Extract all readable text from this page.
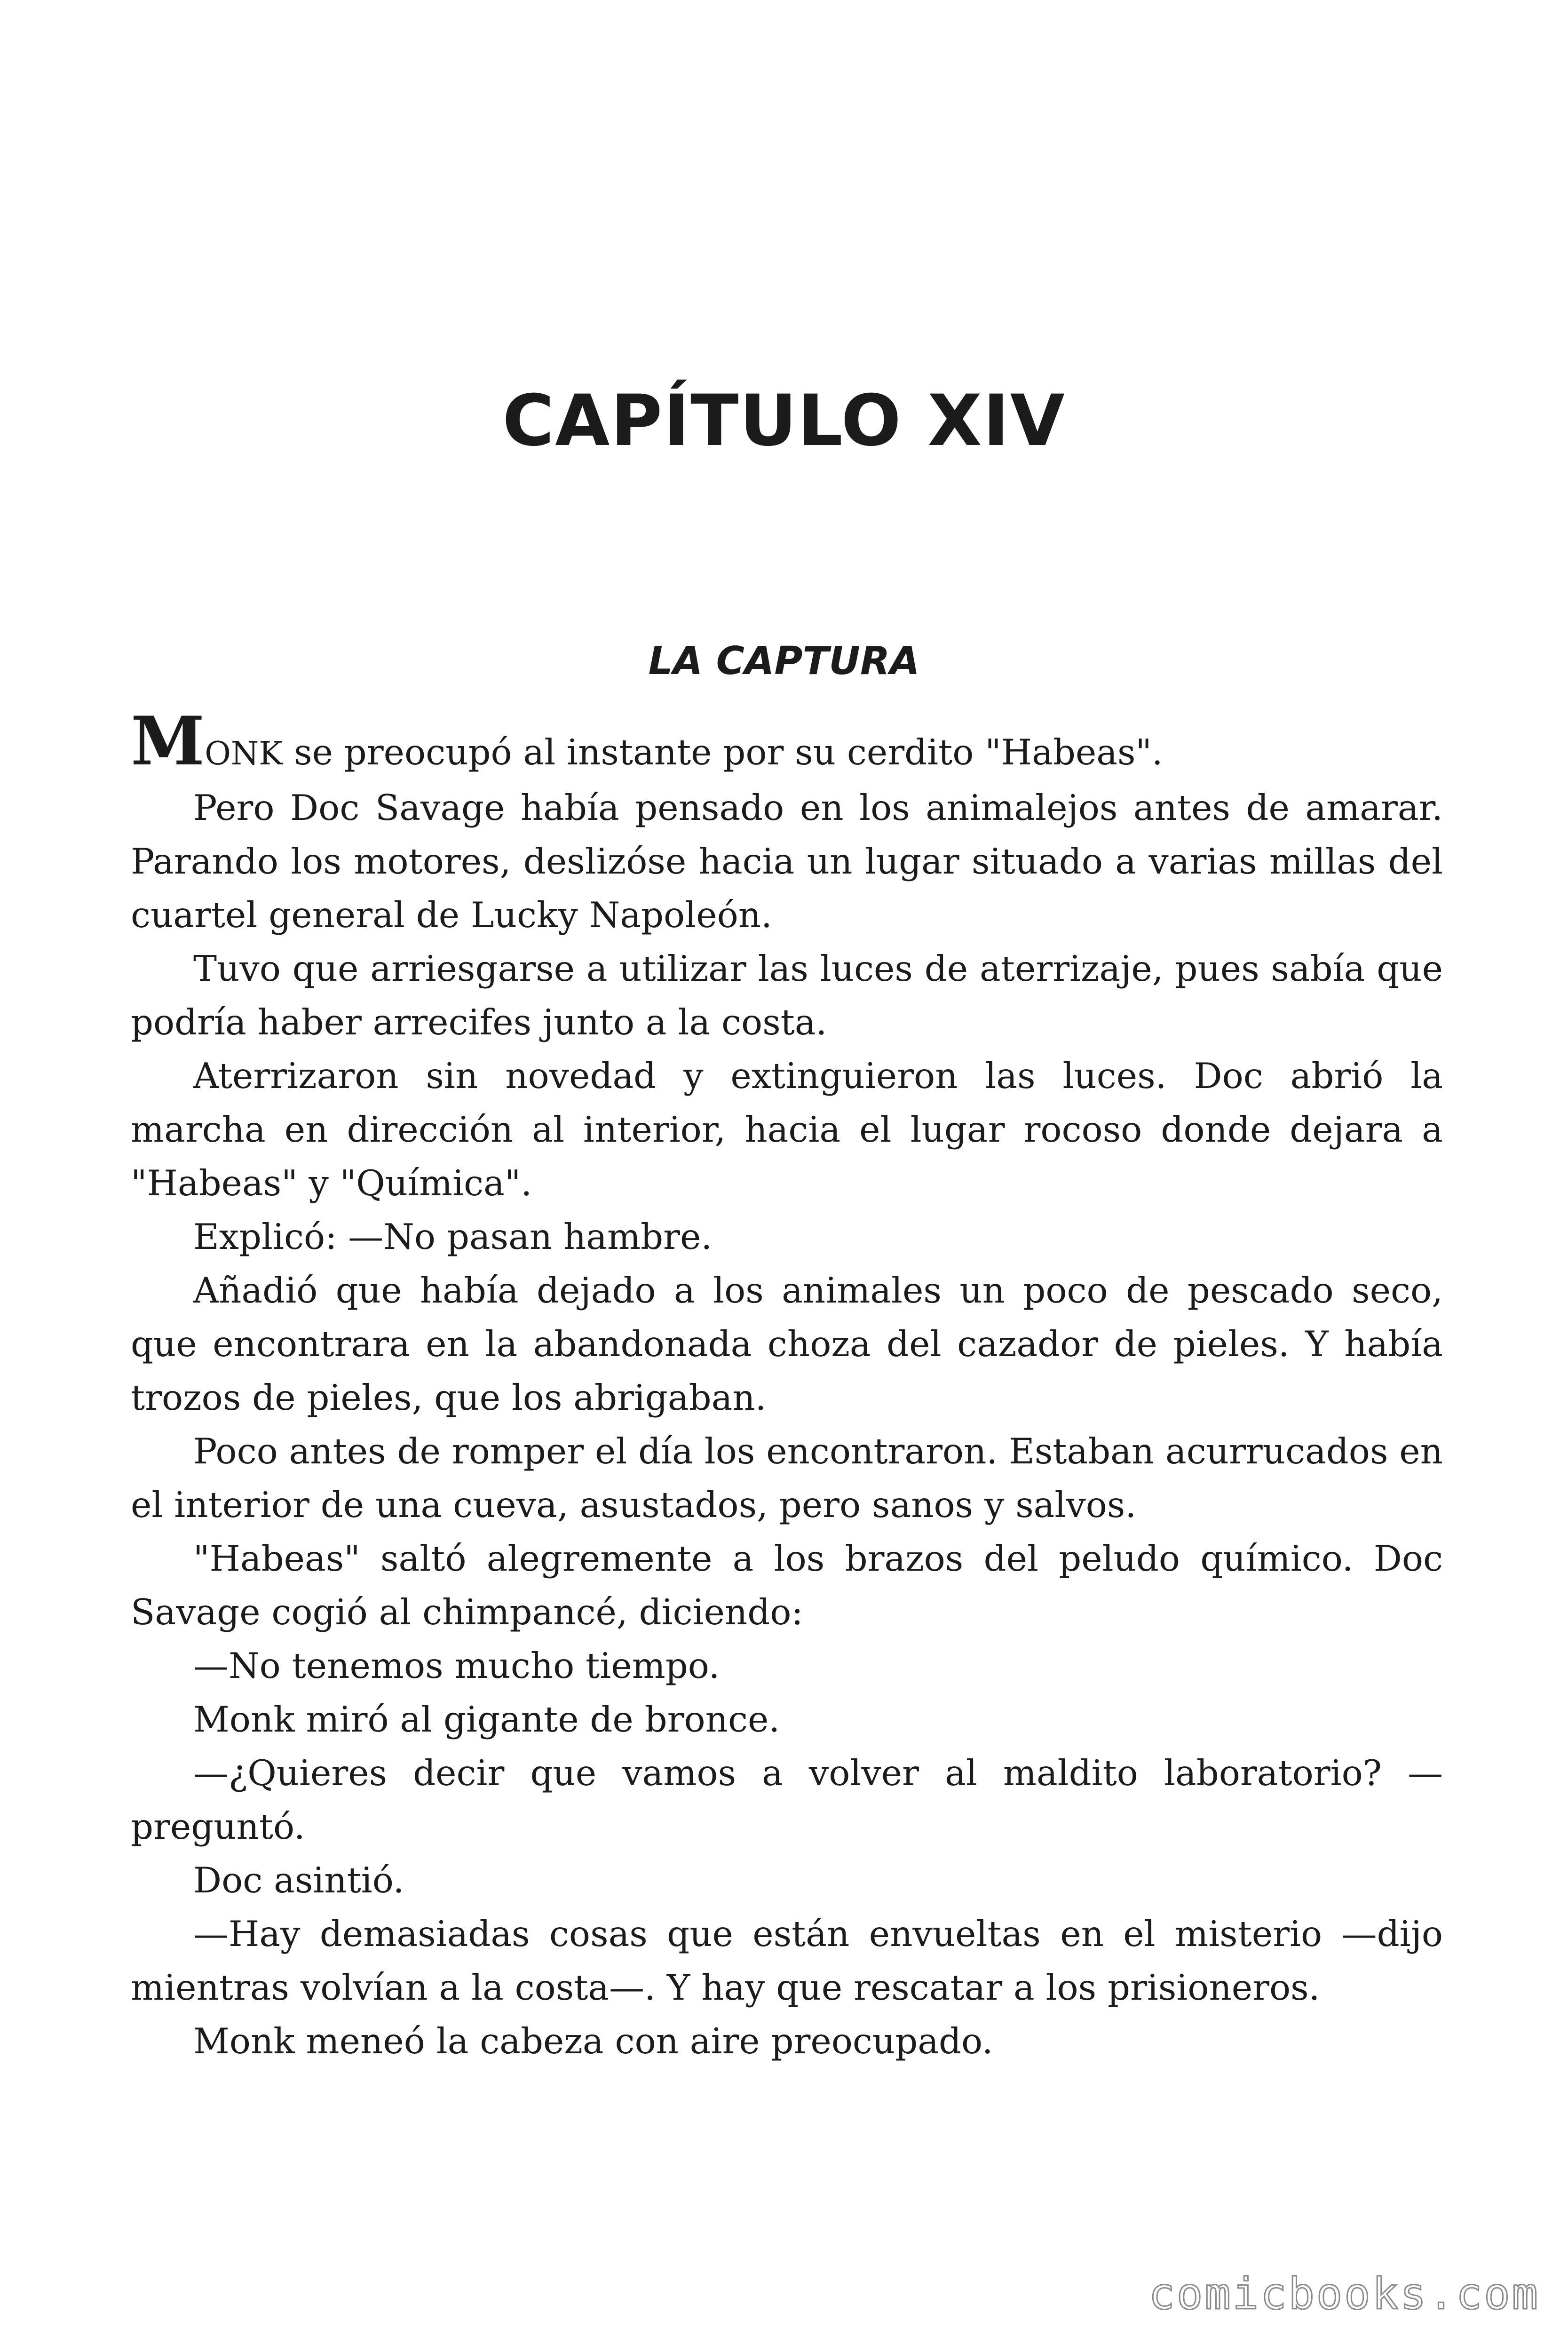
CAPÍTULO XIV
LA CAPTURA

MONK se preocupó al instante por su cerdito "Habeas".

Pero Doc Savage había pensado en los animalejos antes de amarar. Parando los motores, deslizóse hacia un lugar situado a varias millas del cuartel general de Lucky Napoleón.

Tuvo que arriesgarse a utilizar las luces de aterrizaje, pues sabía que podría haber arrecifes junto a la costa.

Aterrizaron sin novedad y extinguieron las luces. Doc abrió la marcha en dirección al interior, hacia el lugar rocoso donde dejara a "Habeas" y "Química".

Explicó: —No pasan hambre.

Añadió que había dejado a los animales un poco de pescado seco, que encontrara en la abandonada choza del cazador de pieles. Y había trozos de pieles, que los abrigaban.

Poco antes de romper el día los encontraron. Estaban acurrucados en el interior de una cueva, asustados, pero sanos y salvos.

"Habeas" saltó alegremente a los brazos del peludo químico. Doc Savage cogió al chimpancé, diciendo:

—No tenemos mucho tiempo.

Monk miró al gigante de bronce.

—¿Quieres decir que vamos a volver al maldito laboratorio? —preguntó.

Doc asintió.

—Hay demasiadas cosas que están envueltas en el misterio —dijo mientras volvían a la costa—. Y hay que rescatar a los prisioneros.

Monk meneó la cabeza con aire preocupado.

comicbooks.com
